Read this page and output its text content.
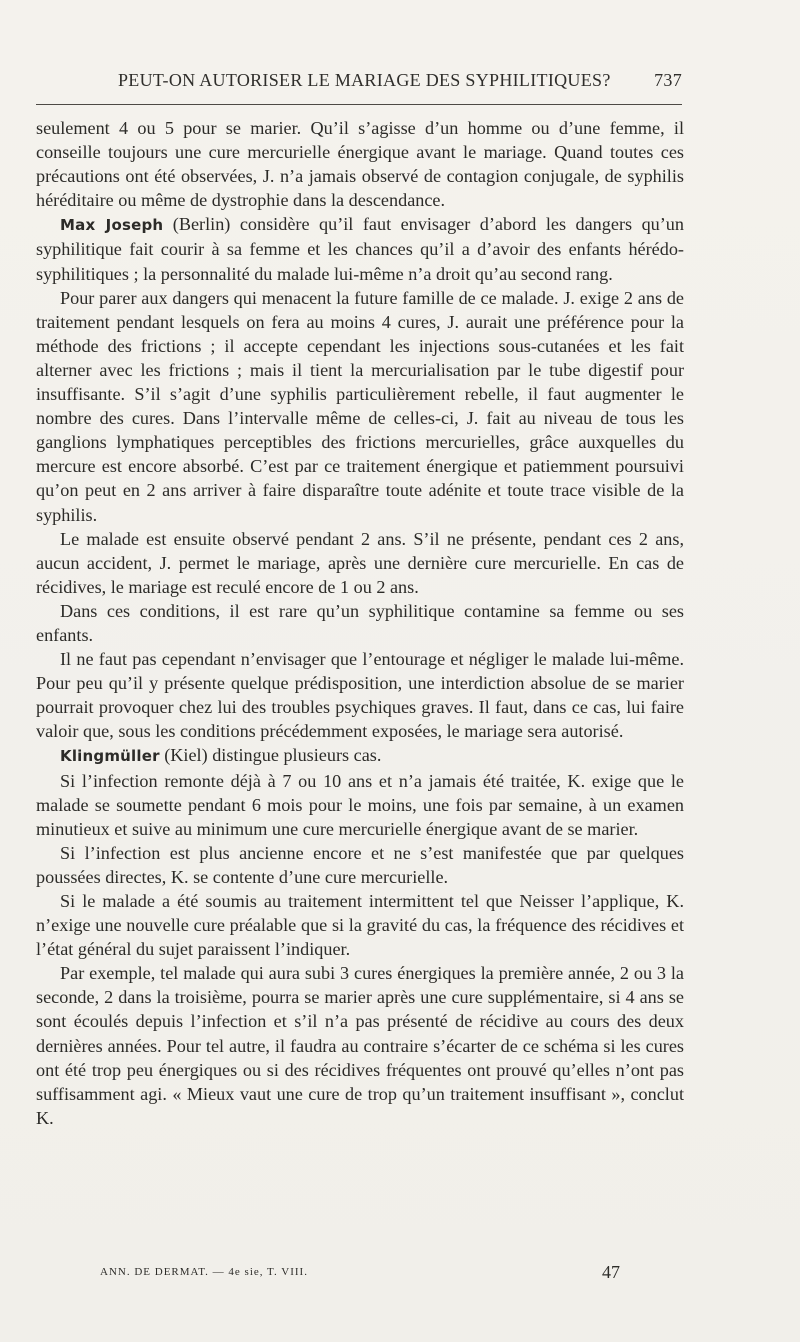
PEUT-ON AUTORISER LE MARIAGE DES SYPHILITIQUES? 737

seulement 4 ou 5 pour se marier. Qu’il s’agisse d’un homme ou d’une femme, il conseille toujours une cure mercurielle énergique avant le mariage. Quand toutes ces précautions ont été observées, J. n’a jamais observé de contagion conjugale, de syphilis héréditaire ou même de dystrophie dans la descendance.

Max Joseph (Berlin) considère qu’il faut envisager d’abord les dangers qu’un syphilitique fait courir à sa femme et les chances qu’il a d’avoir des enfants hérédo-syphilitiques ; la personnalité du malade lui-même n’a droit qu’au second rang.

Pour parer aux dangers qui menacent la future famille de ce malade. J. exige 2 ans de traitement pendant lesquels on fera au moins 4 cures, J. aurait une préférence pour la méthode des frictions ; il accepte cependant les injections sous-cutanées et les fait alterner avec les frictions ; mais il tient la mercurialisation par le tube digestif pour insuffisante. S’il s’agit d’une syphilis particulièrement rebelle, il faut augmenter le nombre des cures. Dans l’intervalle même de celles-ci, J. fait au niveau de tous les ganglions lymphatiques perceptibles des frictions mercurielles, grâce auxquelles du mercure est encore absorbé. C’est par ce traitement énergique et patiemment poursuivi qu’on peut en 2 ans arriver à faire disparaître toute adénite et toute trace visible de la syphilis.

Le malade est ensuite observé pendant 2 ans. S’il ne présente, pendant ces 2 ans, aucun accident, J. permet le mariage, après une dernière cure mercurielle. En cas de récidives, le mariage est reculé encore de 1 ou 2 ans.

Dans ces conditions, il est rare qu’un syphilitique contamine sa femme ou ses enfants.

Il ne faut pas cependant n’envisager que l’entourage et négliger le malade lui-même. Pour peu qu’il y présente quelque prédisposition, une interdiction absolue de se marier pourrait provoquer chez lui des troubles psychiques graves. Il faut, dans ce cas, lui faire valoir que, sous les conditions précédemment exposées, le mariage sera autorisé.

Klingmüller (Kiel) distingue plusieurs cas.

Si l’infection remonte déjà à 7 ou 10 ans et n’a jamais été traitée, K. exige que le malade se soumette pendant 6 mois pour le moins, une fois par semaine, à un examen minutieux et suive au minimum une cure mercurielle énergique avant de se marier.

Si l’infection est plus ancienne encore et ne s’est manifestée que par quelques poussées directes, K. se contente d’une cure mercurielle.

Si le malade a été soumis au traitement intermittent tel que Neisser l’applique, K. n’exige une nouvelle cure préalable que si la gravité du cas, la fréquence des récidives et l’état général du sujet paraissent l’indiquer.

Par exemple, tel malade qui aura subi 3 cures énergiques la première année, 2 ou 3 la seconde, 2 dans la troisième, pourra se marier après une cure supplémentaire, si 4 ans se sont écoulés depuis l’infection et s’il n’a pas présenté de récidive au cours des deux dernières années. Pour tel autre, il faudra au contraire s’écarter de ce schéma si les cures ont été trop peu énergiques ou si des récidives fréquentes ont prouvé qu’elles n’ont pas suffisamment agi. « Mieux vaut une cure de trop qu’un traitement insuffisant », conclut K.

ANN. DE DERMAT. — 4e sie, T. VIII.	47
